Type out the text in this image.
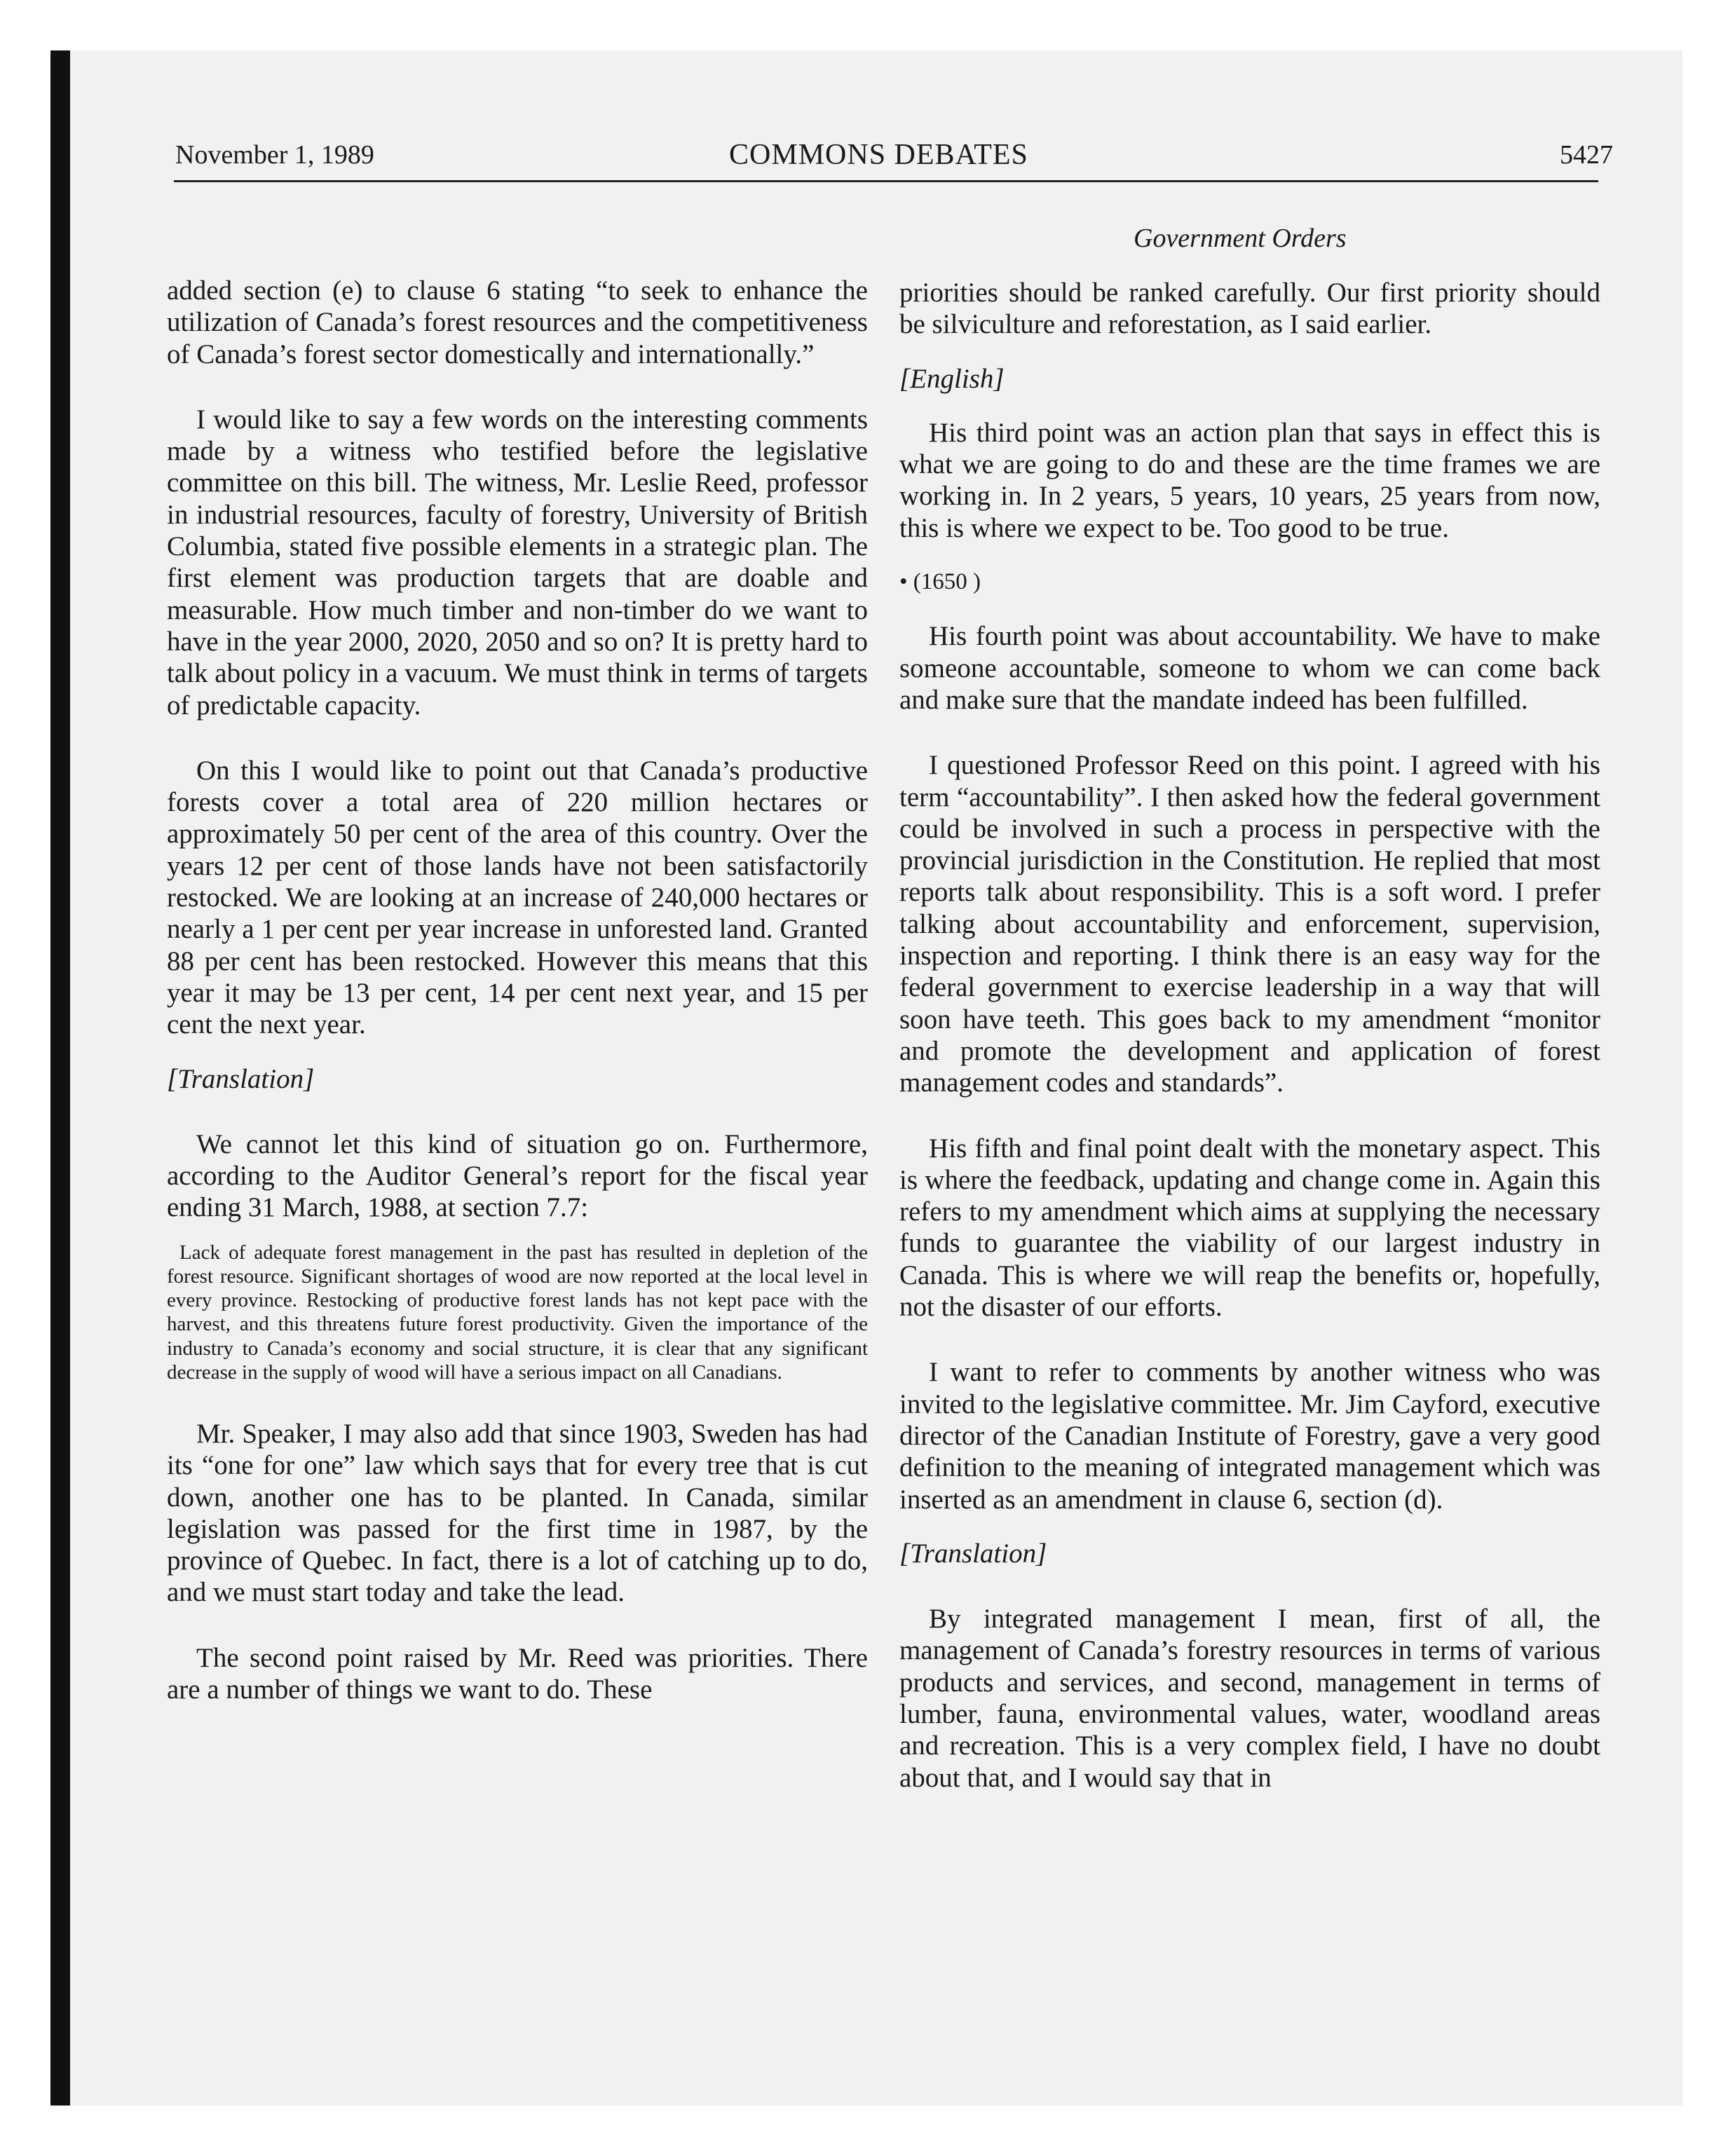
November 1, 1989	COMMONS DEBATES	5427
Government Orders

added section (e) to clause 6 stating “to seek to enhance the utilization of Canada’s forest resources and the competitiveness of Canada’s forest sector domestically and internationally.”

I would like to say a few words on the interesting comments made by a witness who testified before the legislative committee on this bill. The witness, Mr. Leslie Reed, professor in industrial resources, faculty of forestry, University of British Columbia, stated five possible elements in a strategic plan. The first element was production targets that are doable and measurable. How much timber and non-timber do we want to have in the year 2000, 2020, 2050 and so on? It is pretty hard to talk about policy in a vacuum. We must think in terms of targets of predictable capacity.

On this I would like to point out that Canada’s productive forests cover a total area of 220 million hectares or approximately 50 per cent of the area of this country. Over the years 12 per cent of those lands have not been satisfactorily restocked. We are looking at an increase of 240,000 hectares or nearly a 1 per cent per year increase in unforested land. Granted 88 per cent has been restocked. However this means that this year it may be 13 per cent, 14 per cent next year, and 15 per cent the next year.

[Translation]

We cannot let this kind of situation go on. Furthermore, according to the Auditor General’s report for the fiscal year ending 31 March, 1988, at section 7.7:

Lack of adequate forest management in the past has resulted in depletion of the forest resource. Significant shortages of wood are now reported at the local level in every province. Restocking of productive forest lands has not kept pace with the harvest, and this threatens future forest productivity. Given the importance of the industry to Canada’s economy and social structure, it is clear that any significant decrease in the supply of wood will have a serious impact on all Canadians.

Mr. Speaker, I may also add that since 1903, Sweden has had its “one for one” law which says that for every tree that is cut down, another one has to be planted. In Canada, similar legislation was passed for the first time in 1987, by the province of Quebec. In fact, there is a lot of catching up to do, and we must start today and take the lead.

The second point raised by Mr. Reed was priorities. There are a number of things we want to do. These

priorities should be ranked carefully. Our first priority should be silviculture and reforestation, as I said earlier.

[English]

His third point was an action plan that says in effect this is what we are going to do and these are the time frames we are working in. In 2 years, 5 years, 10 years, 25 years from now, this is where we expect to be. Too good to be true.

• (1650 )

His fourth point was about accountability. We have to make someone accountable, someone to whom we can come back and make sure that the mandate indeed has been fulfilled.

I questioned Professor Reed on this point. I agreed with his term “accountability”. I then asked how the federal government could be involved in such a process in perspective with the provincial jurisdiction in the Constitution. He replied that most reports talk about responsibility. This is a soft word. I prefer talking about accountability and enforcement, supervision, inspection and reporting. I think there is an easy way for the federal government to exercise leadership in a way that will soon have teeth. This goes back to my amendment “monitor and promote the development and application of forest management codes and standards”.

His fifth and final point dealt with the monetary aspect. This is where the feedback, updating and change come in. Again this refers to my amendment which aims at supplying the necessary funds to guarantee the viability of our largest industry in Canada. This is where we will reap the benefits or, hopefully, not the disaster of our efforts.

I want to refer to comments by another witness who was invited to the legislative committee. Mr. Jim Cayford, executive director of the Canadian Institute of Forestry, gave a very good definition to the meaning of integrated management which was inserted as an amendment in clause 6, section (d).

[Translation]

By integrated management I mean, first of all, the management of Canada’s forestry resources in terms of various products and services, and second, management in terms of lumber, fauna, environmental values, water, woodland areas and recreation. This is a very complex field, I have no doubt about that, and I would say that in
